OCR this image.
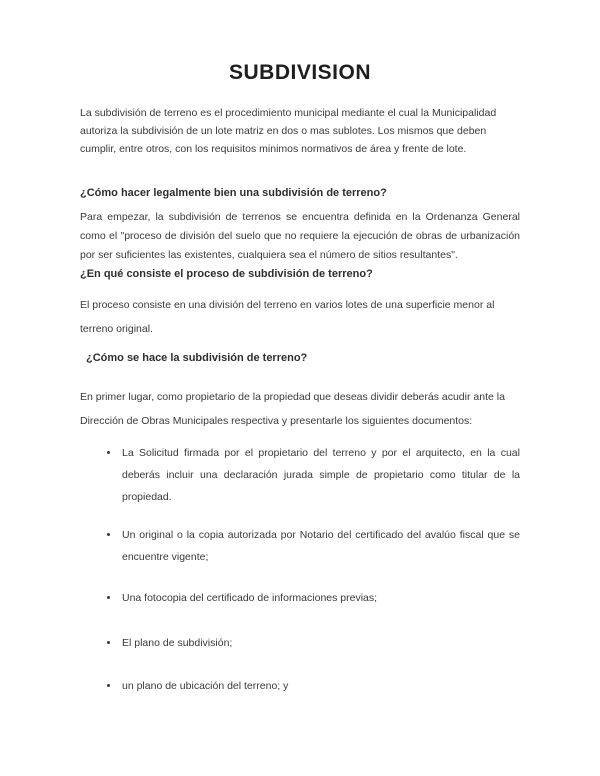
SUBDIVISION

La subdivisión de terreno es el procedimiento municipal mediante el cual la Municipalidad autoriza la subdivisión de un lote matriz en dos o mas sublotes. Los mismos que deben cumplir, entre otros, con los requisitos minimos normativos de área y frente de lote.

¿Cómo hacer legalmente bien una subdivisión de terreno?

Para empezar, la subdivisión de terrenos se encuentra definida en la Ordenanza General como el "proceso de división del suelo que no requiere la ejecución de obras de urbanización por ser suficientes las existentes, cualquiera sea el número de sitios resultantes".

¿En qué consiste el proceso de subdivisión de terreno?

El proceso consiste en una división del terreno en varios lotes de una superficie menor al terreno original.

¿Cómo se hace la subdivisión de terreno?

En primer lugar, como propietario de la propiedad que deseas dividir deberás acudir ante la Dirección de Obras Municipales respectiva y presentarle los siguientes documentos:

• La Solicitud firmada por el propietario del terreno y por el arquitecto, en la cual deberás incluir una declaración jurada simple de propietario como titular de la propiedad.
• Un original o la copia autorizada por Notario del certificado del avalúo fiscal que se encuentre vigente;
• Una fotocopia del certificado de informaciones previas;
• El plano de subdivisión;
• un plano de ubicación del terreno; y
